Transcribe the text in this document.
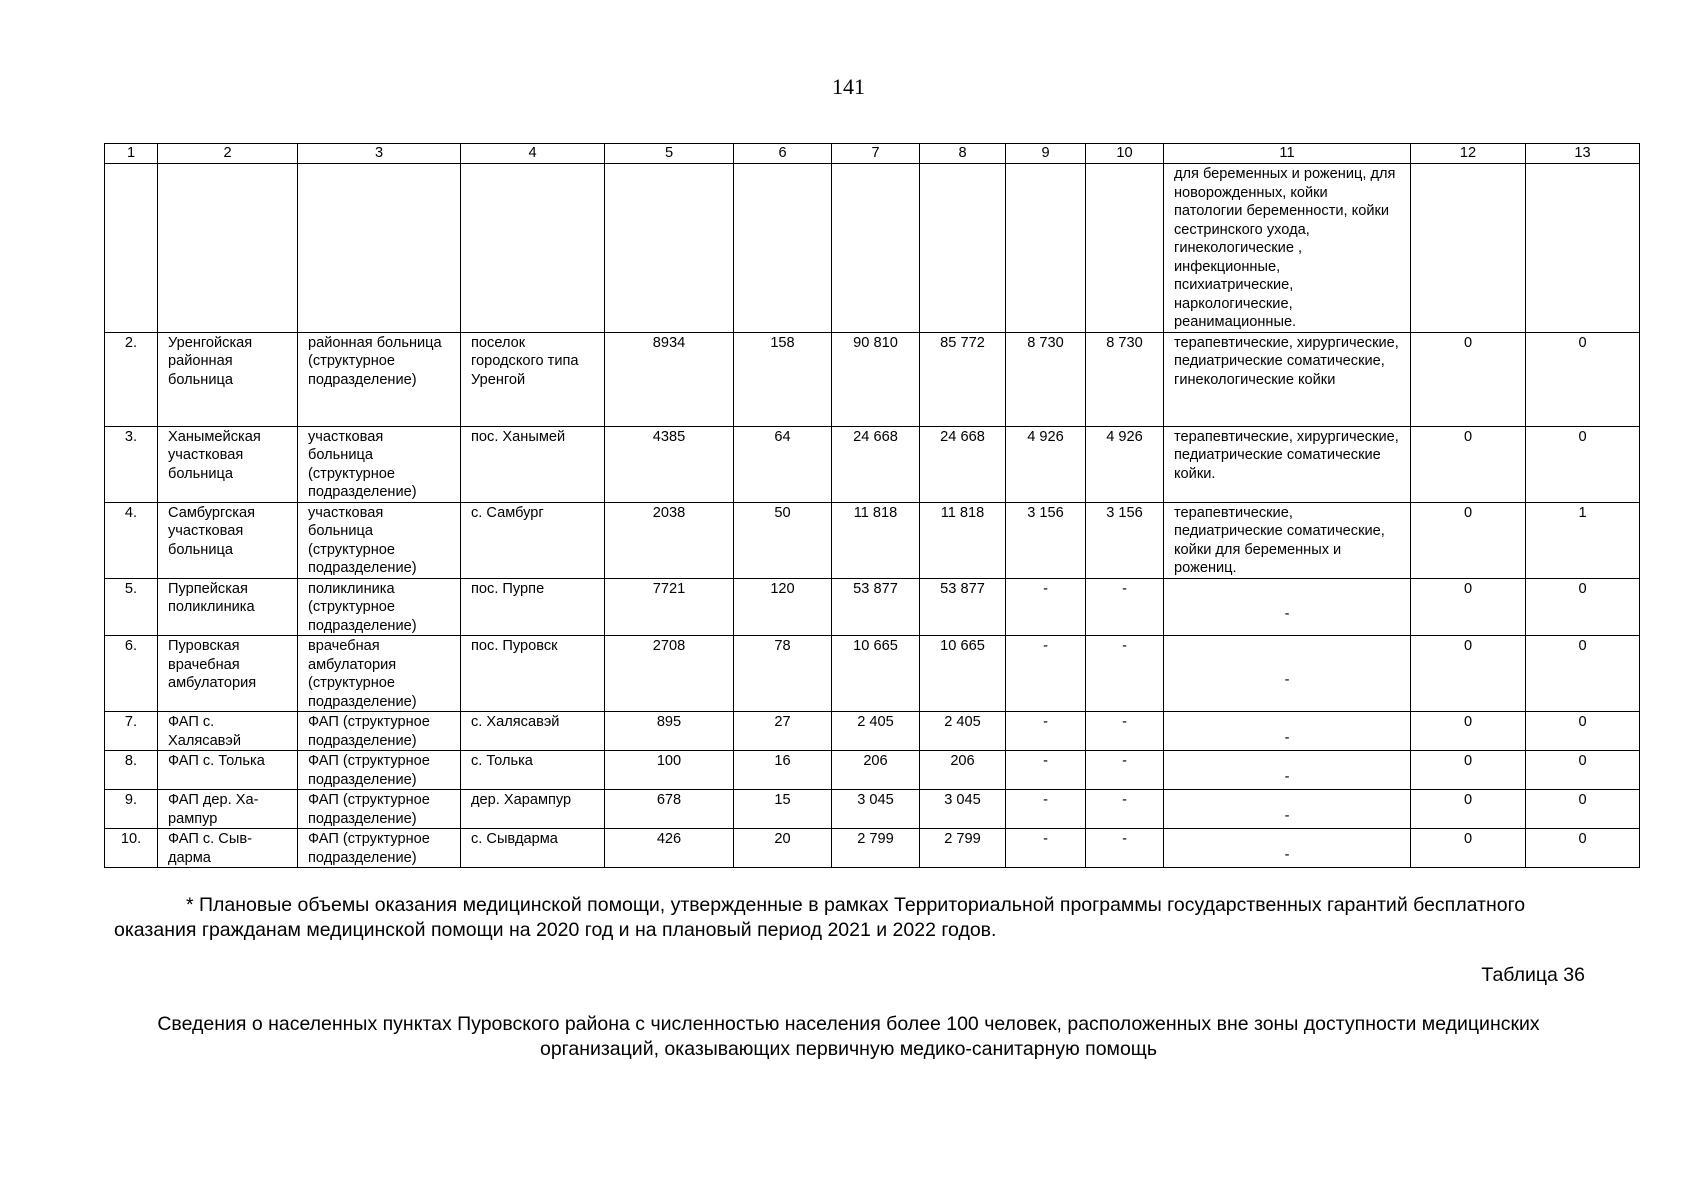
141
1	2	3	4	5	6	7	8	9	10	11	12	13
										для беременных и рожениц, для новорожденных, койки патологии беременности, койки сестринского ухода, гинекологические , инфекционные, психиатрические, наркологические, реанимационные.		
2.	Уренгойская районная больница	районная больница (структурное подразделение)	поселок городского типа Уренгой	8934	158	90 810	85 772	8 730	8 730	терапевтические, хирургические, педиатрические соматические, гинекологические койки	0	0
3.	Ханымейская участковая больница	участковая больница (структурное подразделение)	пос. Ханымей	4385	64	24 668	24 668	4 926	4 926	терапевтические, хирургические, педиатрические соматические койки.	0	0
4.	Самбургская участковая больница	участковая больница (структурное подразделение)	с. Самбург	2038	50	11 818	11 818	3 156	3 156	терапевтические, педиатрические соматические, койки для беременных и рожениц.	0	1
5.	Пурпейская поликлиника	поликлиника (структурное подразделение)	пос. Пурпе	7721	120	53 877	53 877	-	-	-	0	0
6.	Пуровская врачебная амбулатория	врачебная амбулатория (структурное подразделение)	пос. Пуровск	2708	78	10 665	10 665	-	-	-	0	0
7.	ФАП с. Халясавэй	ФАП (структурное подразделение)	с. Халясавэй	895	27	2 405	2 405	-	-	-	0	0
8.	ФАП с. Толька	ФАП (структурное подразделение)	с. Толька	100	16	206	206	-	-	-	0	0
9.	ФАП дер. Ха-рампур	ФАП (структурное подразделение)	дер. Харампур	678	15	3 045	3 045	-	-	-	0	0
10.	ФАП с. Сыв-дарма	ФАП (структурное подразделение)	с. Сывдарма	426	20	2 799	2 799	-	-	-	0	0
* Плановые объемы оказания медицинской помощи, утвержденные в рамках Территориальной программы государственных гарантий бесплатного оказания гражданам медицинской помощи на 2020 год и на плановый период 2021 и 2022 годов.
Таблица 36
Сведения о населенных пунктах Пуровского района с численностью населения более 100 человек, расположенных вне зоны доступности медицинских организаций, оказывающих первичную медико-санитарную помощь
